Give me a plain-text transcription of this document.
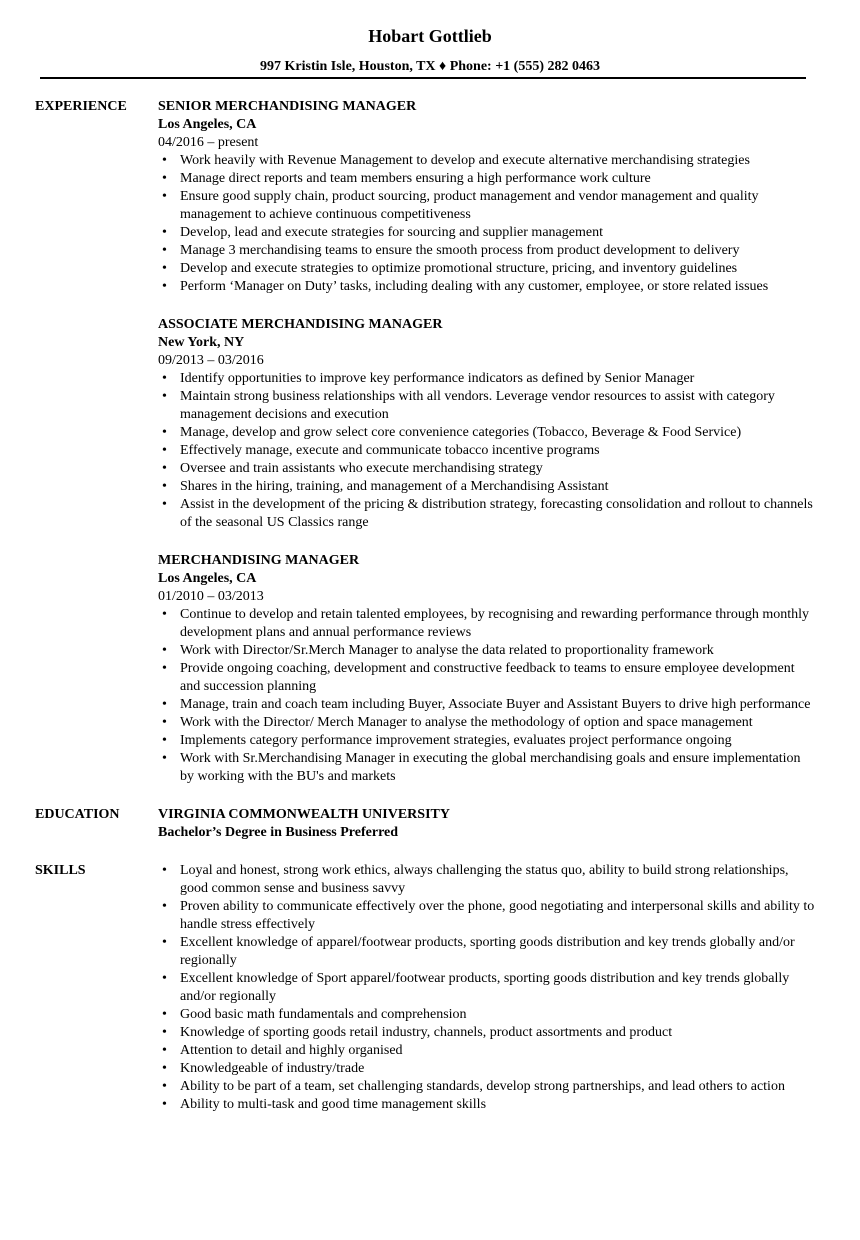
Hobart Gottlieb
997 Kristin Isle, Houston, TX ♦ Phone: +1 (555) 282 0463
EXPERIENCE	SENIOR MERCHANDISING MANAGER
Los Angeles, CA
04/2016 – present
• Work heavily with Revenue Management to develop and execute alternative merchandising strategies
• Manage direct reports and team members ensuring a high performance work culture
• Ensure good supply chain, product sourcing, product management and vendor management and quality management to achieve continuous competitiveness
• Develop, lead and execute strategies for sourcing and supplier management
• Manage 3 merchandising teams to ensure the smooth process from product development to delivery
• Develop and execute strategies to optimize promotional structure, pricing, and inventory guidelines
• Perform ‘Manager on Duty’ tasks, including dealing with any customer, employee, or store related issues
ASSOCIATE MERCHANDISING MANAGER
New York, NY
09/2013 – 03/2016
• Identify opportunities to improve key performance indicators as defined by Senior Manager
• Maintain strong business relationships with all vendors. Leverage vendor resources to assist with category management decisions and execution
• Manage, develop and grow select core convenience categories (Tobacco, Beverage & Food Service)
• Effectively manage, execute and communicate tobacco incentive programs
• Oversee and train assistants who execute merchandising strategy
• Shares in the hiring, training, and management of a Merchandising Assistant
• Assist in the development of the pricing & distribution strategy, forecasting consolidation and rollout to channels of the seasonal US Classics range
MERCHANDISING MANAGER
Los Angeles, CA
01/2010 – 03/2013
• Continue to develop and retain talented employees, by recognising and rewarding performance through monthly development plans and annual performance reviews
• Work with Director/Sr.Merch Manager to analyse the data related to proportionality framework
• Provide ongoing coaching, development and constructive feedback to teams to ensure employee development and succession planning
• Manage, train and coach team including Buyer, Associate Buyer and Assistant Buyers to drive high performance
• Work with the Director/ Merch Manager to analyse the methodology of option and space management
• Implements category performance improvement strategies, evaluates project performance ongoing
• Work with Sr.Merchandising Manager in executing the global merchandising goals and ensure implementation by working with the BU's and markets
EDUCATION	VIRGINIA COMMONWEALTH UNIVERSITY
Bachelor’s Degree in Business Preferred
SKILLS
•	Loyal and honest, strong work ethics, always challenging the status quo, ability to build strong relationships, good common sense and business savvy
• Proven ability to communicate effectively over the phone, good negotiating and interpersonal skills and ability to handle stress effectively
• Excellent knowledge of apparel/footwear products, sporting goods distribution and key trends globally and/or regionally
• Excellent knowledge of Sport apparel/footwear products, sporting goods distribution and key trends globally and/or regionally
• Good basic math fundamentals and comprehension
• Knowledge of sporting goods retail industry, channels, product assortments and product
• Attention to detail and highly organised
• Knowledgeable of industry/trade
• Ability to be part of a team, set challenging standards, develop strong partnerships, and lead others to action
• Ability to multi-task and good time management skills
